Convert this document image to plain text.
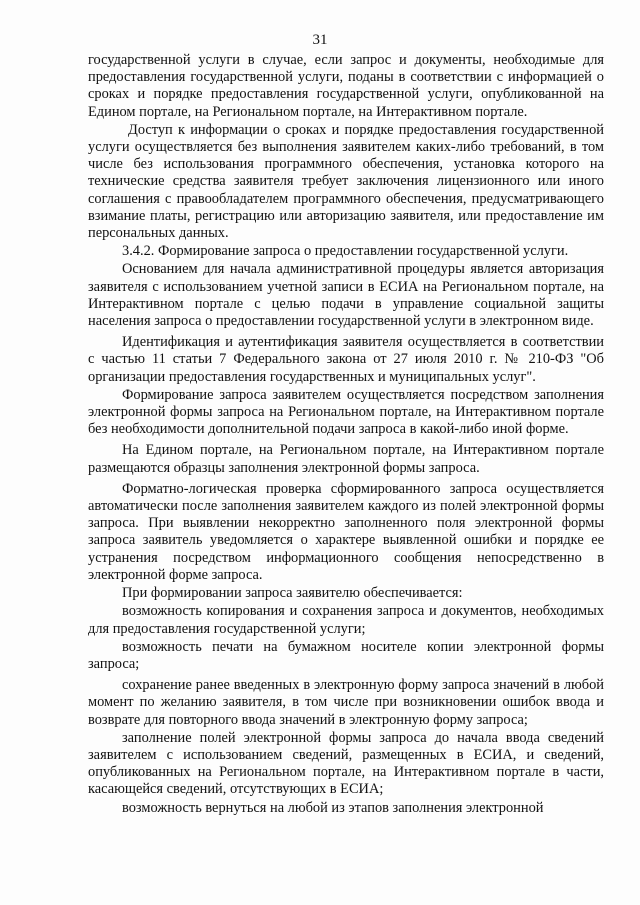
31

государственной услуги в случае, если запрос и документы, необходимые для предоставления государственной услуги, поданы в соответствии с информацией о сроках и порядке предоставления государственной услуги, опубликованной на Едином портале, на Региональном портале, на Интерактивном портале.

Доступ к информации о сроках и порядке предоставления государственной услуги осуществляется без выполнения заявителем каких-либо требований, в том числе без использования программного обеспечения, установка которого на технические средства заявителя требует заключения лицензионного или иного соглашения с правообладателем программного обеспечения, предусматривающего взимание платы, регистрацию или авторизацию заявителя, или предоставление им персональных данных.

3.4.2. Формирование запроса о предоставлении государственной услуги.

Основанием для начала административной процедуры является авторизация заявителя с использованием учетной записи в ЕСИА на Региональном портале, на Интерактивном портале с целью подачи в управление социальной защиты населения запроса о предоставлении государственной услуги в электронном виде.

Идентификация и аутентификация заявителя осуществляется в соответствии с частью 11 статьи 7 Федерального закона от 27 июля 2010 г. № 210-ФЗ "Об организации предоставления государственных и муниципальных услуг".

Формирование запроса заявителем осуществляется посредством заполнения электронной формы запроса на Региональном портале, на Интерактивном портале без необходимости дополнительной подачи запроса в какой-либо иной форме.

На Едином портале, на Региональном портале, на Интерактивном портале размещаются образцы заполнения электронной формы запроса.

Форматно-логическая проверка сформированного запроса осуществляется автоматически после заполнения заявителем каждого из полей электронной формы запроса. При выявлении некорректно заполненного поля электронной формы запроса заявитель уведомляется о характере выявленной ошибки и порядке ее устранения посредством информационного сообщения непосредственно в электронной форме запроса.

При формировании запроса заявителю обеспечивается:

возможность копирования и сохранения запроса и документов, необходимых для предоставления государственной услуги;

возможность печати на бумажном носителе копии электронной формы запроса;

сохранение ранее введенных в электронную форму запроса значений в любой момент по желанию заявителя, в том числе при возникновении ошибок ввода и возврате для повторного ввода значений в электронную форму запроса;

заполнение полей электронной формы запроса до начала ввода сведений заявителем с использованием сведений, размещенных в ЕСИА, и сведений, опубликованных на Региональном портале, на Интерактивном портале в части, касающейся сведений, отсутствующих в ЕСИА;

возможность вернуться на любой из этапов заполнения электронной
